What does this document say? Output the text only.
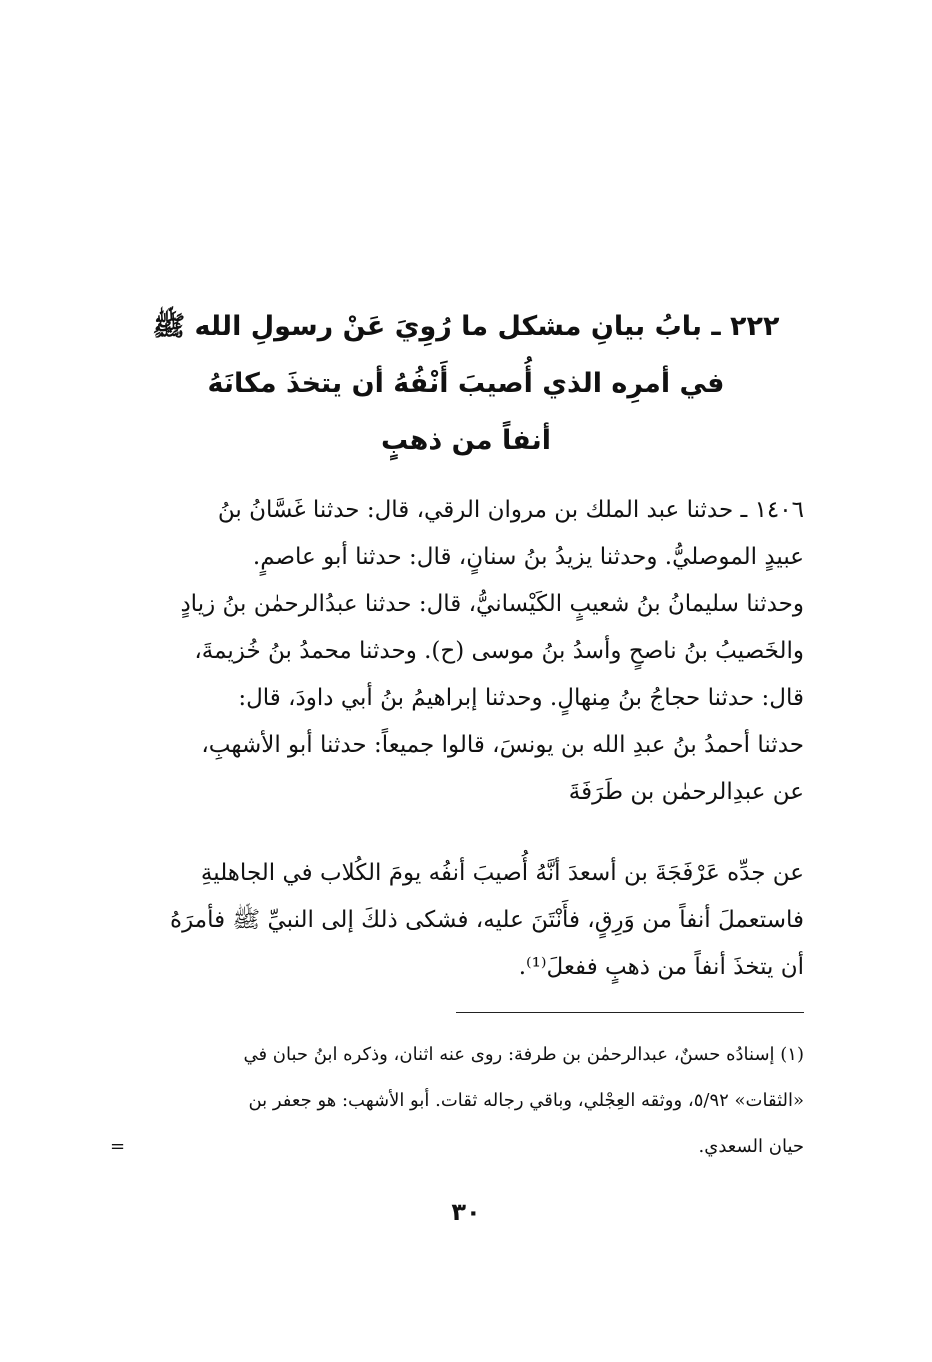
٢٢٢ ـ بابُ بيانِ مشكل ما رُوِيَ عَنْ رسولِ الله ﷺ
في أمرِه الذي أُصيبَ أَنْفُهُ أن يتخذَ مكانَهُ
أنفاً من ذهبٍ
١٤٠٦ ـ حدثنا عبد الملك بن مروان الرقي، قال: حدثنا غَسَّانُ بنُ
عبيدٍ الموصليُّ. وحدثنا يزيدُ بنُ سنانٍ، قال: حدثنا أبو عاصمٍ.
وحدثنا سليمانُ بنُ شعيبٍ الكَيْسانيُّ، قال: حدثنا عبدُالرحمٰن بنُ زيادٍ
والخَصيبُ بنُ ناصحٍ وأسدُ بنُ موسى (ح). وحدثنا محمدُ بنُ خُزيمةَ،
قال: حدثنا حجاجُ بنُ مِنهالٍ. وحدثنا إبراهيمُ بنُ أبي داودَ، قال:
حدثنا أحمدُ بنُ عبدِ الله بن يونسَ، قالوا جميعاً: حدثنا أبو الأشهبِ،
عن عبدِالرحمٰن بن طَرَفَةَ
عن جدِّه عَرْفَجَةَ بن أسعدَ أنَّهُ أُصيبَ أنفُه يومَ الكُلاب في الجاهليةِ
فاستعملَ أنفاً من وَرِقٍ، فأَنْتَنَ عليه، فشكى ذلكَ إلى النبيِّ ﷺ فأمرَهُ
أن يتخذَ أنفاً من ذهبٍ ففعلَ⁽¹⁾.
(١) إسنادُه حسنٌ، عبدالرحمٰن بن طرفة: روى عنه اثنان، وذكره ابنُ حبان في
«الثقات» ٥/٩٢، ووثقه العِجْلي، وباقي رجاله ثقات. أبو الأشهب: هو جعفر بن
حيان السعدي.
=
٣٠
